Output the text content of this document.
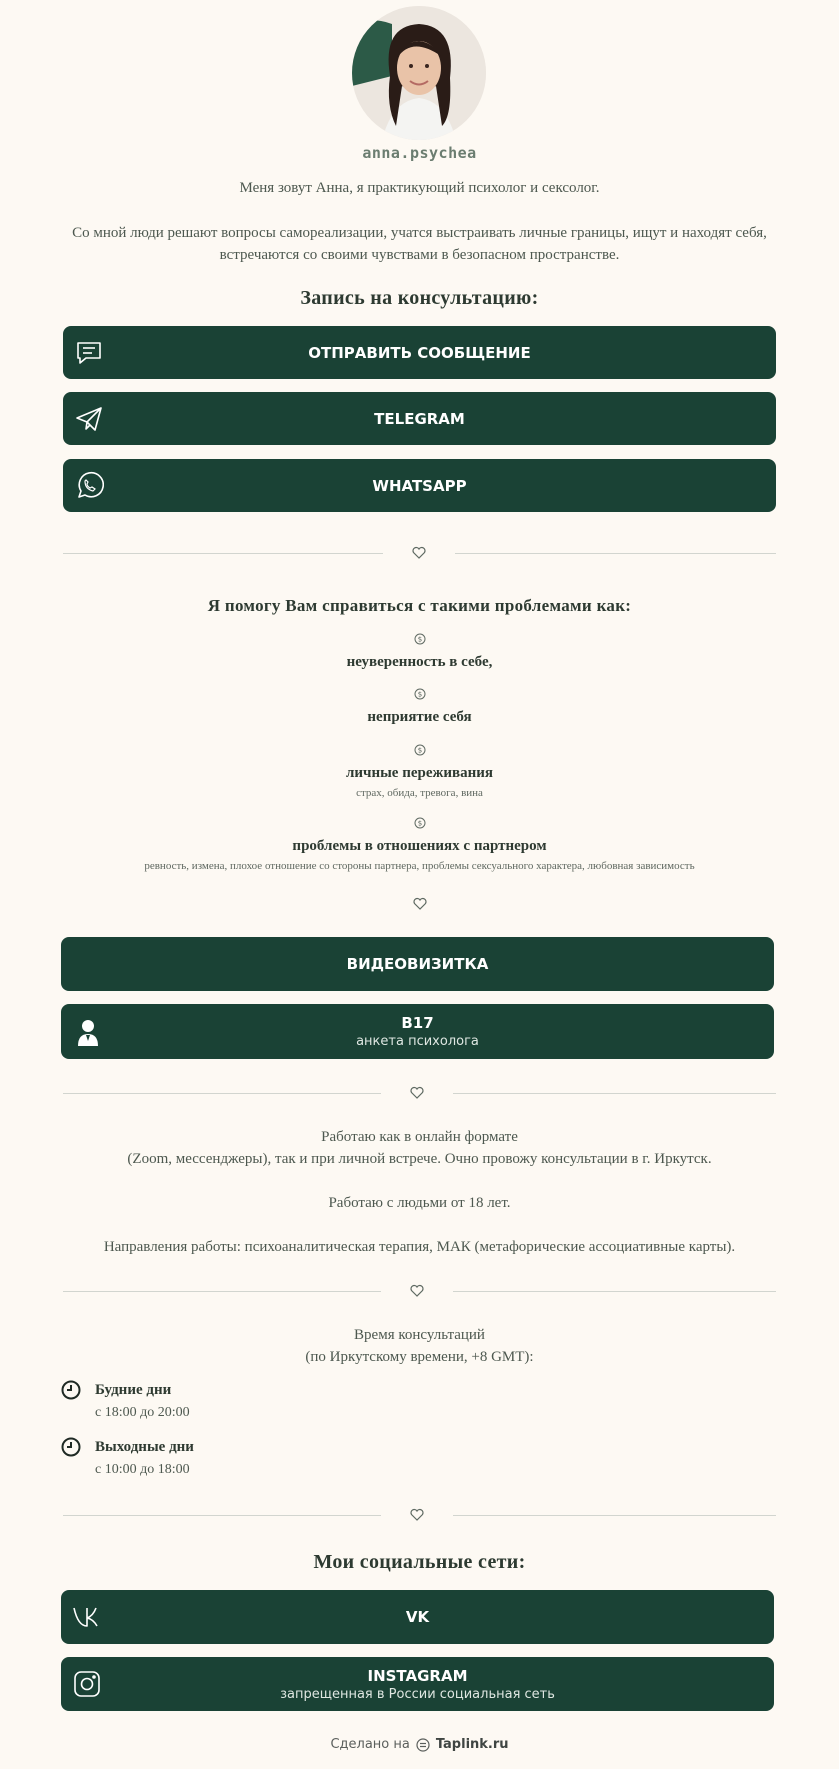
anna.psychea
Меня зовут Анна, я практикующий психолог и сексолог.
Со мной люди решают вопросы самореализации, учатся выстраивать личные границы, ищут и находят себя,
встречаются со своими чувствами в безопасном пространстве.
Запись на консультацию:
ОТПРАВИТЬ СООБЩЕНИЕ
TELEGRAM
WHATSAPP
Я помогу Вам справиться с такими проблемами как:
$
неуверенность в себе,
$
неприятие себя
$
личные переживания
страх, обида, тревога, вина
$
проблемы в отношениях с партнером
ревность, измена, плохое отношение со стороны партнера, проблемы сексуального характера, любовная зависимость
ВИДЕОВИЗИТКА
B17
анкета психолога
Работаю как в онлайн формате
(Zoom, мессенджеры), так и при личной встрече. Очно провожу консультации в г. Иркутск.
Работаю с людьми от 18 лет.
Направления работы: психоаналитическая терапия, МАК (метафорические ассоциативные карты).
Время консультаций
(по Иркутскому времени, +8 GMT):
Будние дни
с 18:00 до 20:00
Выходные дни
с 10:00 до 18:00
Мои социальные сети:
VK
INSTAGRAM
запрещенная в России социальная сеть
Сделано на Taplink.ru
